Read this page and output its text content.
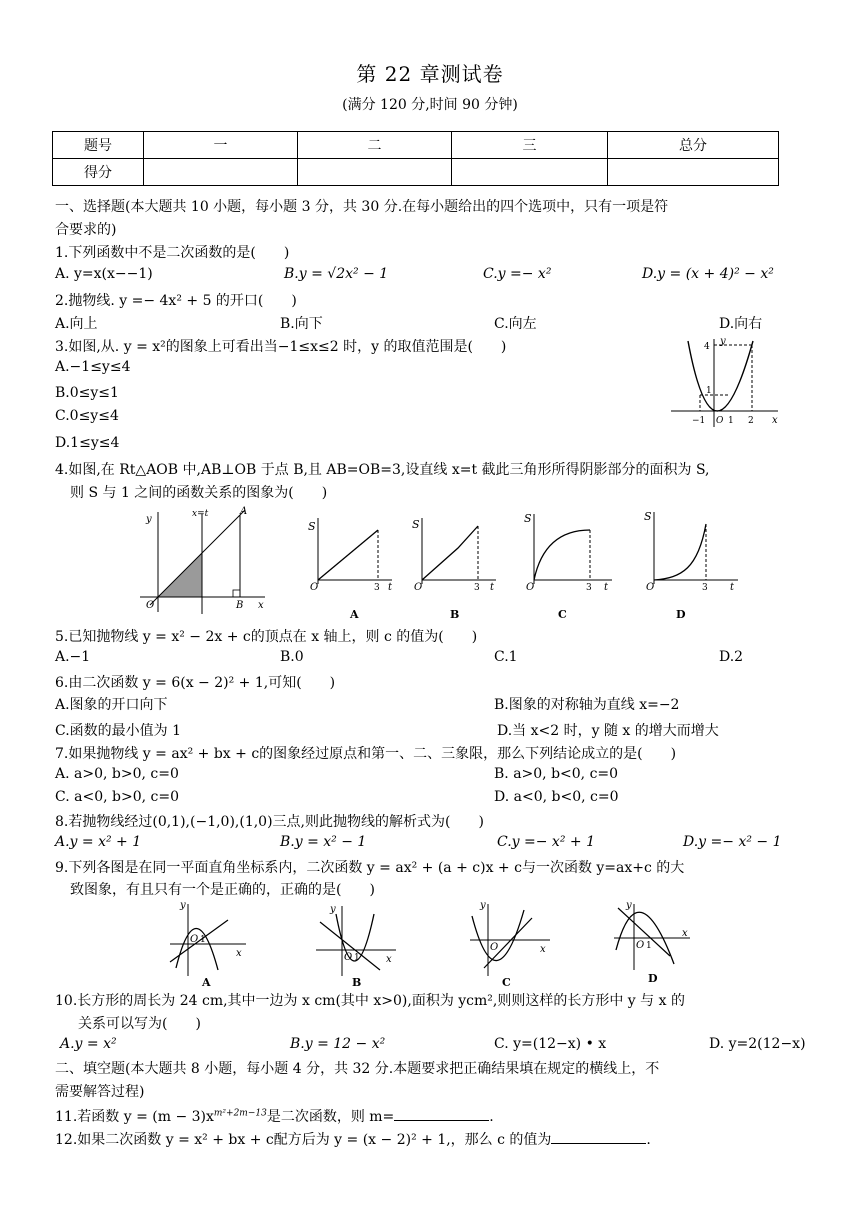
第 22 章测试卷
(满分 120 分,时间 90 分钟)
题号	一	二	三	总分
得分				
一、选择题(本大题共 10 小题，每小题 3 分，共 30 分.在每小题给出的四个选项中，只有一项是符
合要求的)
1.下列函数中不是二次函数的是(　　)
A. y=x(x−−1)	B.y = √2x² − 1	C.y =− x²	D.y = (x + 4)² − x²
2.抛物线. y =− 4x² + 5 的开口(　　)
A.向上	B.向下	C.向左	D.向右
3.如图,从. y = x²的图象上可看出当−1≤x≤2 时，y 的取值范围是(　　)
A.−1≤y≤4
B.0≤y≤1
C.0≤y≤4
D.1≤y≤4
y
x
4
1
−1 O 1 2
4.如图,在 Rt△AOB 中,AB⊥OB 于点 B,且 AB=OB=3,设直线 x=t 截此三角形所得阴影部分的面积为 S,
则 S 与 1 之间的函数关系的图象为(　　)
y	x=t	A
O	B x
S
O	3 t
A
S
O	3 t
B
S
O	3 t
C
S
O	3 t
D
5.已知抛物线 y = x² − 2x + c的顶点在 x 轴上，则 c 的值为(　　)
A.−1	B.0	C.1	D.2
6.由二次函数 y = 6(x − 2)² + 1,可知(　　)
A.图象的开口向下	B.图象的对称轴为直线 x=−2
C.函数的最小值为 1	D.当 x<2 时，y 随 x 的增大而增大
7.如果抛物线 y = ax² + bx + c的图象经过原点和第一、二、三象限，那么下列结论成立的是(　　)
A. a>0, b>0, c=0	B. a>0, b<0, c=0
C. a<0, b>0, c=0	D. a<0, b<0, c=0
8.若抛物线经过(0,1),(−1,0),(1,0)三点,则此抛物线的解析式为(　　)
A.y = x² + 1	B.y = x² − 1	C.y =− x² + 1	D.y =− x² − 1
9.下列各图是在同一平面直角坐标系内，二次函数 y = ax² + (a + c)x + c与一次函数 y=ax+c 的大
致图象，有且只有一个是正确的，正确的是(　　)
y
x
O 1
A
y
x
O 1
B
y
x
O
C
y
x
O 1
D
10.长方形的周长为 24 cm,其中一边为 x cm(其中 x>0),面积为 ycm²,则则这样的长方形中 y 与 x 的
关系可以写为(　　)
A.y = x²	B.y = 12 − x²	C. y=(12−x) • x	D. y=2(12−x)
二、填空题(本大题共 8 小题，每小题 4 分，共 32 分.本题要求把正确结果填在规定的横线上，不
需要解答过程)
11.若函数 $y = (m - 3)x^{m^2+2m-13}$是二次函数，则 m=	.
12.如果二次函数 y = x² + bx + c配方后为 y = (x − 2)² + 1,，那么 c 的值为	.
